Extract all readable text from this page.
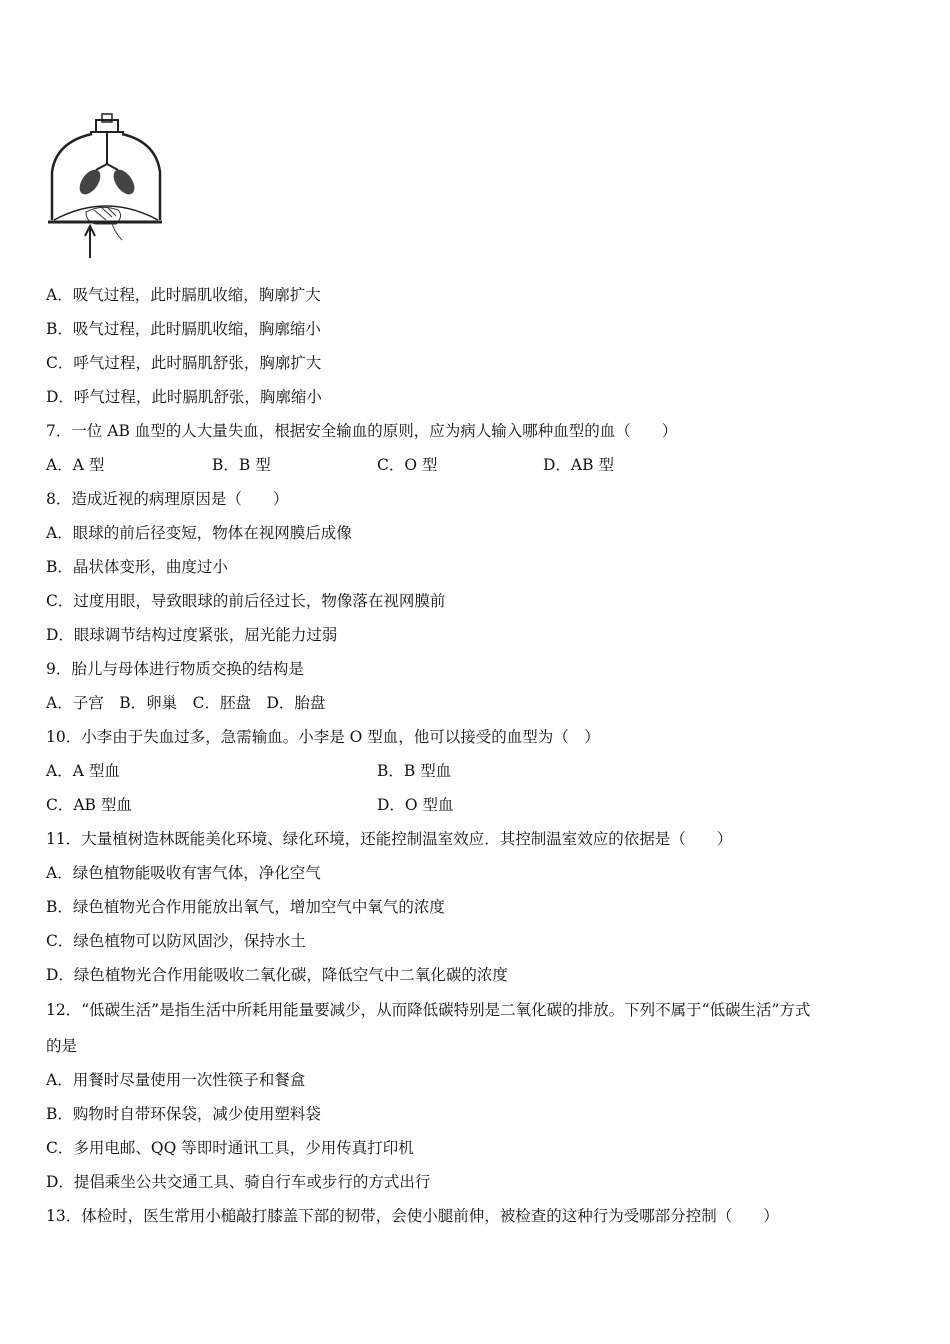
A．吸气过程，此时膈肌收缩，胸廓扩大
B．吸气过程，此时膈肌收缩，胸廓缩小
C．呼气过程，此时膈肌舒张，胸廓扩大
D．呼气过程，此时膈肌舒张，胸廓缩小
7．一位 AB 血型的人大量失血，根据安全输血的原则，应为病人输入哪种血型的血（　　）
A．A 型	B．B 型	C．O 型	D．AB 型
8．造成近视的病理原因是（　　）
A．眼球的前后径变短，物体在视网膜后成像
B．晶状体变形，曲度过小
C．过度用眼，导致眼球的前后径过长，物像落在视网膜前
D．眼球调节结构过度紧张，屈光能力过弱
9．胎儿与母体进行物质交换的结构是
A．子宫　B．卵巢　C．胚盘　D．胎盘
10．小李由于失血过多，急需输血。小李是 O 型血，他可以接受的血型为（　）
A．A 型血	B．B 型血
C．AB 型血	D．O 型血
11．大量植树造林既能美化环境、绿化环境，还能控制温室效应．其控制温室效应的依据是（　　）
A．绿色植物能吸收有害气体，净化空气
B．绿色植物光合作用能放出氧气，增加空气中氧气的浓度
C．绿色植物可以防风固沙，保持水土
D．绿色植物光合作用能吸收二氧化碳，降低空气中二氧化碳的浓度
12．“低碳生活”是指生活中所耗用能量要减少，从而降低碳特别是二氧化碳的排放。下列不属于“低碳生活”方式
的是
A．用餐时尽量使用一次性筷子和餐盒
B．购物时自带环保袋，减少使用塑料袋
C．多用电邮、QQ 等即时通讯工具，少用传真打印机
D．提倡乘坐公共交通工具、骑自行车或步行的方式出行
13．体检时，医生常用小槌敲打膝盖下部的韧带，会使小腿前伸，被检查的这种行为受哪部分控制（　　）
